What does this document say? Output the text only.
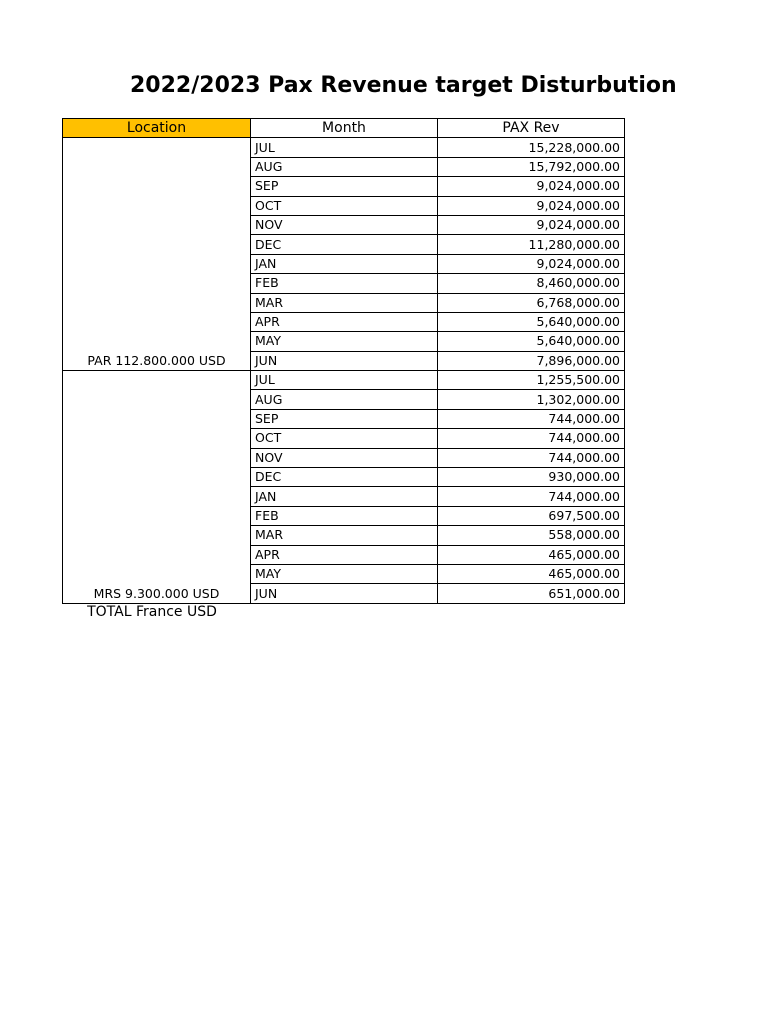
2022/2023 Pax Revenue target Disturbution
Location	Month	PAX Rev
PAR 112.800.000 USD	JUL	15,228,000.00
	AUG	15,792,000.00
	SEP	9,024,000.00
	OCT	9,024,000.00
	NOV	9,024,000.00
	DEC	11,280,000.00
	JAN	9,024,000.00
	FEB	8,460,000.00
	MAR	6,768,000.00
	APR	5,640,000.00
	MAY	5,640,000.00
	JUN	7,896,000.00
MRS 9.300.000 USD	JUL	1,255,500.00
	AUG	1,302,000.00
	SEP	744,000.00
	OCT	744,000.00
	NOV	744,000.00
	DEC	930,000.00
	JAN	744,000.00
	FEB	697,500.00
	MAR	558,000.00
	APR	465,000.00
	MAY	465,000.00
	JUN	651,000.00
TOTAL France USD
